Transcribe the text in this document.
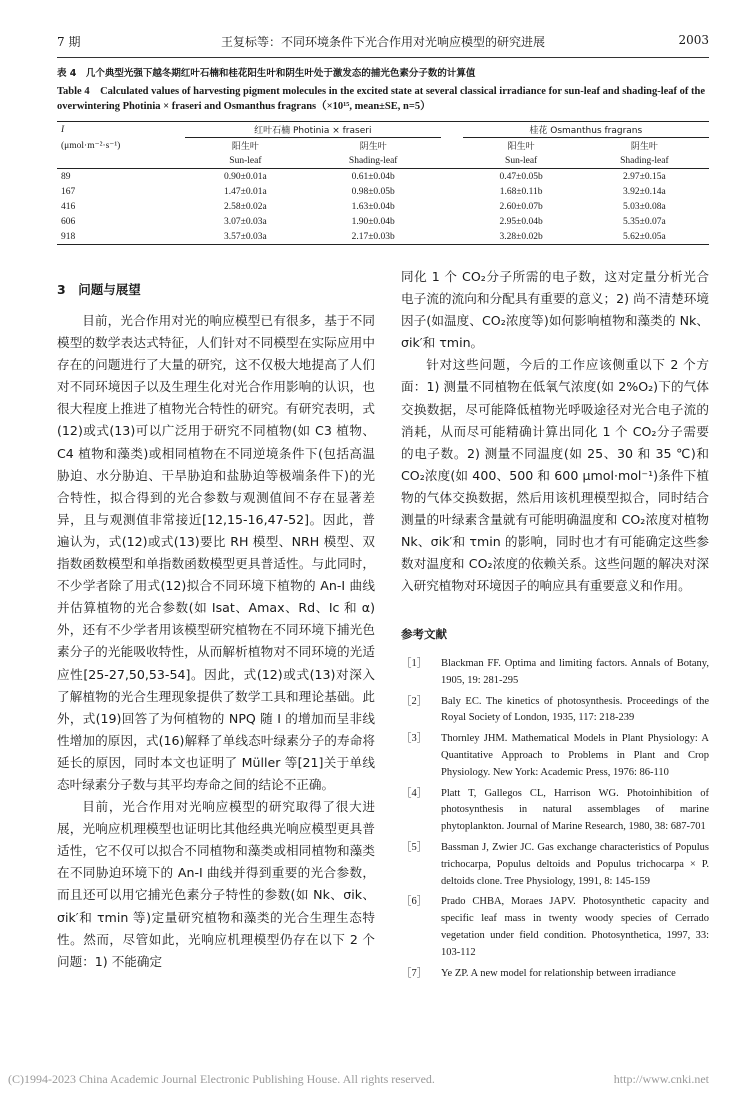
7 期	王复标等：不同环境条件下光合作用对光响应模型的研究进展	2003
表 4　几个典型光强下越冬期红叶石楠和桂花阳生叶和阴生叶处于激发态的捕光色素分子数的计算值
Table 4　Calculated values of harvesting pigment molecules in the excited state at several classical irradiance for sun-leaf and shading-leaf of the overwintering Photinia × fraseri and Osmanthus fragrans（×10¹⁵, mean±SE, n=5）
I	红叶石楠 Photinia × fraseri			桂花 Osmanthus fragrans	
(μmol·m⁻²·s⁻¹)	阳生叶	阴生叶		阳生叶	阴生叶
	Sun-leaf	Shading-leaf		Sun-leaf	Shading-leaf
89	0.90±0.01a	0.61±0.04b		0.47±0.05b	2.97±0.15a
167	1.47±0.01a	0.98±0.05b		1.68±0.11b	3.92±0.14a
416	2.58±0.02a	1.63±0.04b		2.60±0.07b	5.03±0.08a
606	3.07±0.03a	1.90±0.04b		2.95±0.04b	5.35±0.07a
918	3.57±0.03a	2.17±0.03b		3.28±0.02b	5.62±0.05a
3　问题与展望

目前，光合作用对光的响应模型已有很多，基于不同模型的数学表达式特征，人们针对不同模型在实际应用中存在的问题进行了大量的研究，这不仅极大地提高了人们对不同环境因子以及生理生化对光合作用影响的认识，也很大程度上推进了植物光合特性的研究。有研究表明，式(12)或式(13)可以广泛用于研究不同植物(如 C3 植物、C4 植物和藻类)或相同植物在不同逆境条件下(包括高温胁迫、水分胁迫、干旱胁迫和盐胁迫等极端条件下)的光合特性，拟合得到的光合参数与观测值间不存在显著差异，且与观测值非常接近[12,15-16,47-52]。因此，普遍认为，式(12)或式(13)要比 RH 模型、NRH 模型、双指数函数模型和单指数函数模型更具普适性。与此同时，不少学者除了用式(12)拟合不同环境下植物的 An-I 曲线并估算植物的光合参数(如 Isat、Amax、Rd、Ic 和 α)外，还有不少学者用该模型研究植物在不同环境下捕光色素分子的光能吸收特性，从而解析植物对不同环境的光适应性[25-27,50,53-54]。因此，式(12)或式(13)对深入了解植物的光合生理现象提供了数学工具和理论基础。此外，式(19)回答了为何植物的 NPQ 随 I 的增加而呈非线性增加的原因，式(16)解释了单线态叶绿素分子的寿命将延长的原因，同时本文也证明了 Müller 等[21]关于单线态叶绿素分子数与其平均寿命之间的结论不正确。

目前，光合作用对光响应模型的研究取得了很大进展，光响应机理模型也证明比其他经典光响应模型更具普适性，它不仅可以拟合不同植物和藻类或相同植物和藻类在不同胁迫环境下的 An-I 曲线并得到重要的光合参数，而且还可以用它捕光色素分子特性的参数(如 Nk、σik、σik′和 τmin 等)定量研究植物和藻类的光合生理生态特性。然而，尽管如此，光响应机理模型仍存在以下 2 个问题：1) 不能确定

同化 1 个 CO₂分子所需的电子数，这对定量分析光合电子流的流向和分配具有重要的意义；2) 尚不清楚环境因子(如温度、CO₂浓度等)如何影响植物和藻类的 Nk、σik′和 τmin。

针对这些问题，今后的工作应该侧重以下 2 个方面：1) 测量不同植物在低氧气浓度(如 2%O₂)下的气体交换数据，尽可能降低植物光呼吸途径对光合电子流的消耗，从而尽可能精确计算出同化 1 个 CO₂分子需要的电子数。2) 测量不同温度(如 25、30 和 35 ℃)和 CO₂浓度(如 400、500 和 600 μmol·mol⁻¹)条件下植物的气体交换数据，然后用该机理模型拟合，同时结合测量的叶绿素含量就有可能明确温度和 CO₂浓度对植物 Nk、σik′和 τmin 的影响，同时也才有可能确定这些参数对温度和 CO₂浓度的依赖关系。这些问题的解决对深入研究植物对环境因子的响应具有重要意义和作用。

参考文献
［1］ Blackman FF. Optima and limiting factors. Annals of Botany, 1905, 19: 281-295
［2］ Baly EC. The kinetics of photosynthesis. Proceedings of the Royal Society of London, 1935, 117: 218-239
［3］ Thornley JHM. Mathematical Models in Plant Physiology: A Quantitative Approach to Problems in Plant and Crop Physiology. New York: Academic Press, 1976: 86-110
［4］ Platt T, Gallegos CL, Harrison WG. Photoinhibition of photosynthesis in natural assemblages of marine phytoplankton. Journal of Marine Research, 1980, 38: 687-701
［5］ Bassman J, Zwier JC. Gas exchange characteristics of Populus trichocarpa, Populus deltoids and Populus trichocarpa × P. deltoids clone. Tree Physiology, 1991, 8: 145-159
［6］ Prado CHBA, Moraes JAPV. Photosynthetic capacity and specific leaf mass in twenty woody species of Cerrado vegetation under field condition. Photosynthetica, 1997, 33: 103-112
［7］ Ye ZP. A new model for relationship between irradiance
(C)1994-2023 China Academic Journal Electronic Publishing House. All rights reserved.	http://www.cnki.net
